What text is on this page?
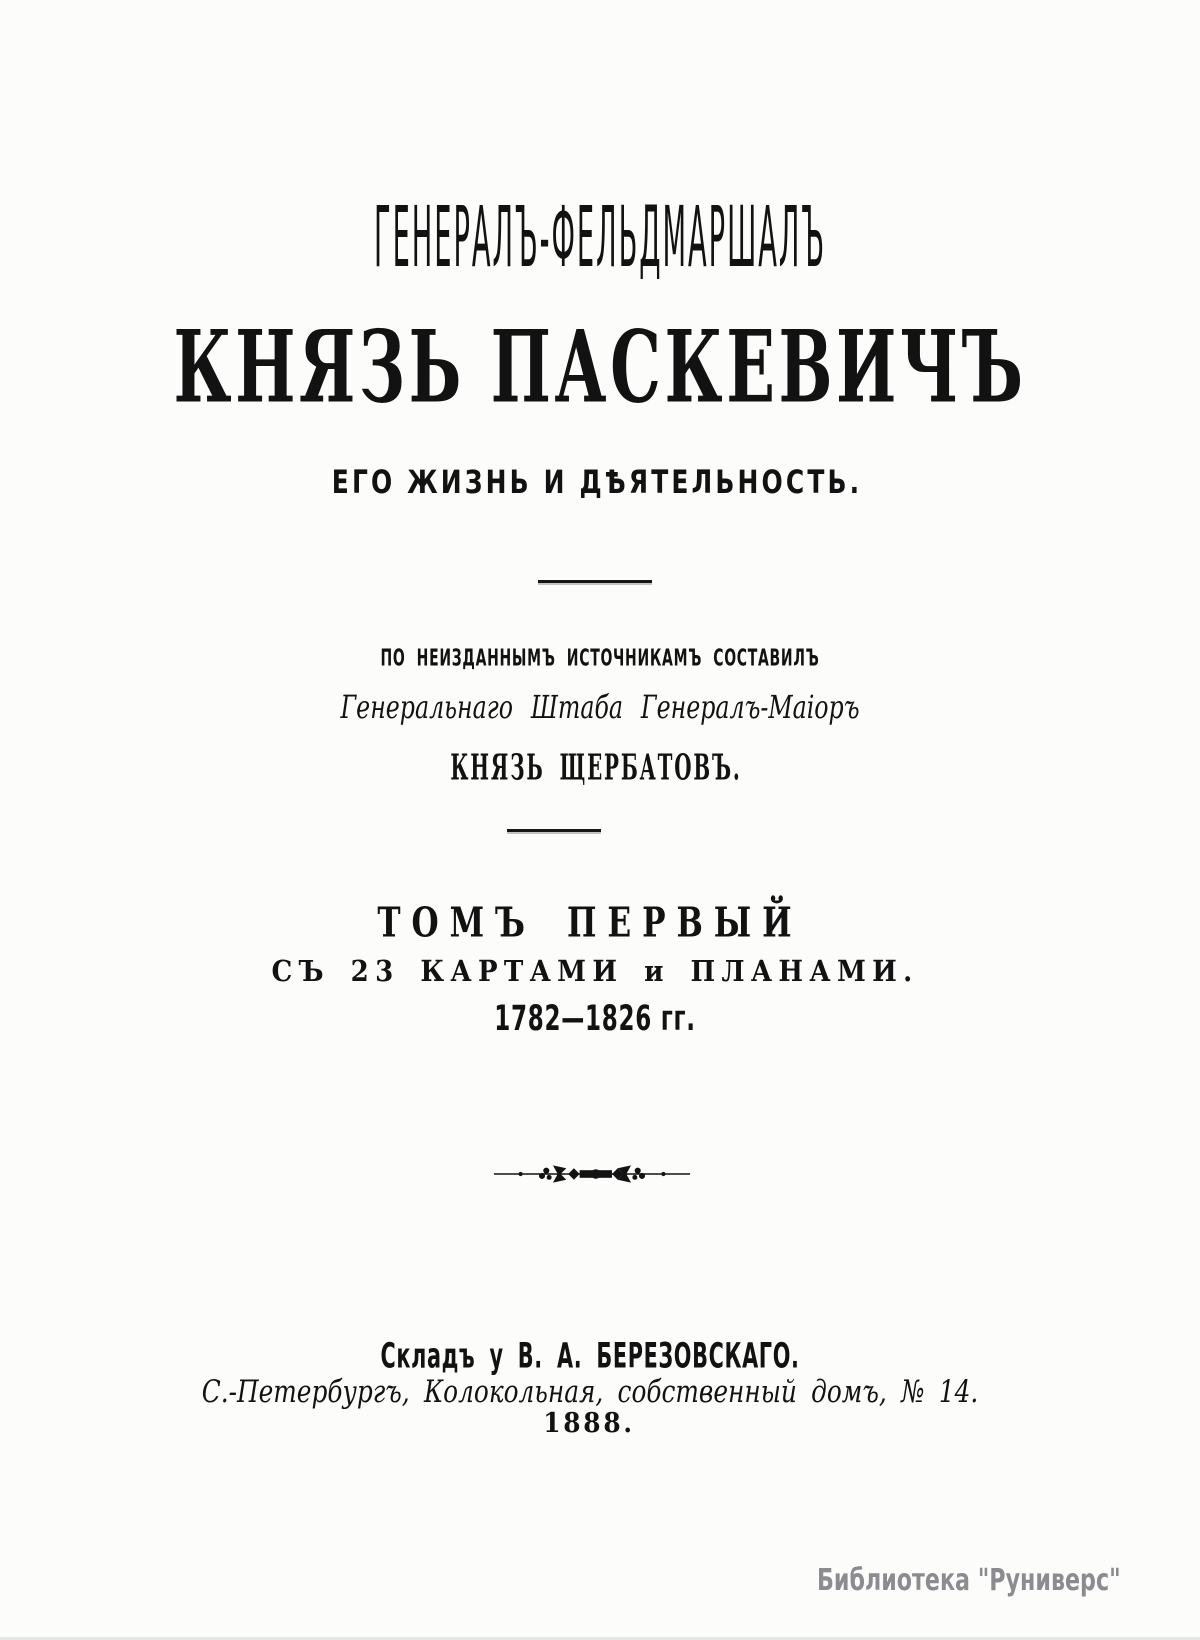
ГЕНЕРАЛЪ-ФЕЛЬДМАРШАЛЪ
КНЯЗЬ ПАСКЕВИЧЪ
ЕГО ЖИЗНЬ И ДѢЯТЕЛЬНОСТЬ.
ПО НЕИЗДАННЫМЪ ИСТОЧНИКАМЪ СОСТАВИЛЪ
Генеральнаго Штаба Генералъ-Маіоръ
КНЯЗЬ ЩЕРБАТОВЪ.
ТОМЪ ПЕРВЫЙ
СЪ 23 КАРТАМИ и ПЛАНАМИ.
1782—1826 гг.
Складъ у В. А. БЕРЕЗОВСКАГО.
С.-Петербургъ, Колокольная, собственный домъ, № 14.
1888.
Библиотека "Руниверс"
